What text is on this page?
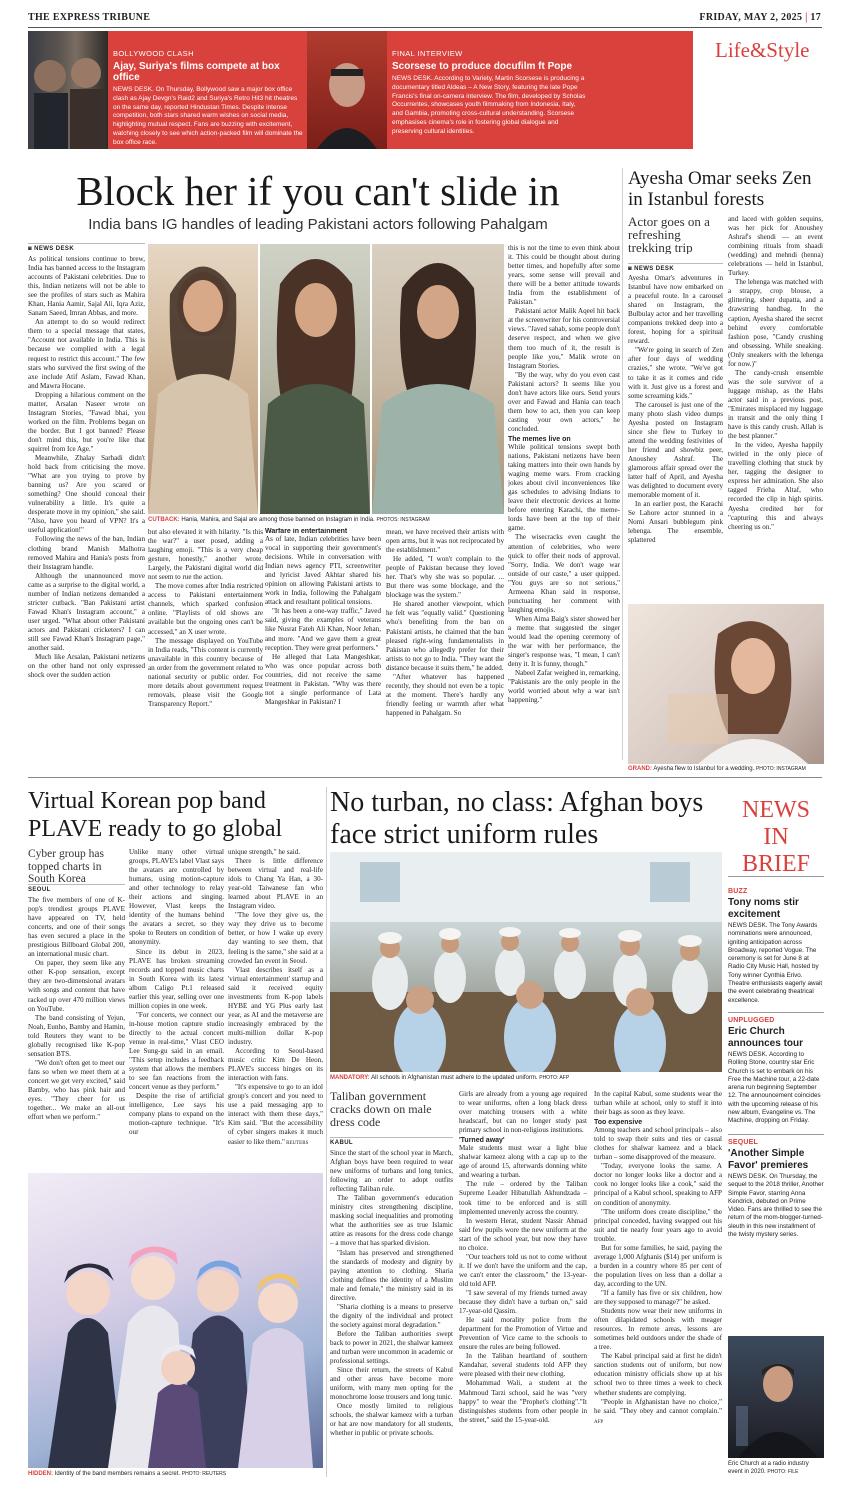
THE EXPRESS TRIBUNE	FRIDAY, MAY 2, 2025 | 17
BOLLYWOOD CLASH
Ajay, Suriya's films compete at box office
NEWS DESK. On Thursday, Bollywood saw a major box office clash as Ajay Devgn's Raid2 and Suriya's Retro Hit3 hit theatres on the same day, reported Hindustan Times. Despite intense competition, both stars shared warm wishes on social media, highlighting mutual respect. Fans are buzzing with excitement, watching closely to see which action-packed film will dominate the box office race.
FINAL INTERVIEW
Scorsese to produce docufilm ft Pope
NEWS DESK. According to Variety, Martin Scorsese is producing a documentary titled Aldeas – A New Story, featuring the late Pope Francis's final on-camera interview. The film, developed by Scholas Occurrentes, showcases youth filmmaking from Indonesia, Italy, and Gambia, promoting cross-cultural understanding. Scorsese emphasises cinema's role in fostering global dialogue and preserving cultural identities.
Life&Style
Block her if you can't slide in
India bans IG handles of leading Pakistani actors following Pahalgam
◙ NEWS DESK

As political tensions continue to brew, India has banned access to the Instagram accounts of Pakistani celebrities. Due to this, Indian netizens will not be able to see the profiles of stars such as Mahira Khan, Hania Aamir, Sajal Ali, Iqra Aziz, Sanam Saeed, Imran Abbas, and more.

An attempt to do so would redirect them to a special message that states, "Account not available in India. This is because we complied with a legal request to restrict this account." The few stars who survived the first swing of the axe include Atif Aslam, Fawad Khan, and Mawra Hocane.

Dropping a hilarious comment on the matter, Arsalan Naseer wrote on Instagram Stories, "Fawad bhai, you worked on the film. Problems began on the border. But I got banned? Please don't mind this, but you're like that squirrel from Ice Age."

Meanwhile, Zhalay Sarhadi didn't hold back from criticising the move. "What are you trying to prove by banning us? Are you scared or something? One should conceal their vulnerability a little. It's quite a desperate move in my opinion," she said. "Also, have you heard of VPN? It's a useful application!"

Following the news of the ban, Indian clothing brand Manish Malhotra removed Mahira and Hania's posts from their Instagram handle.

Although the unannounced move came as a surprise to the digital world, a number of Indian netizens demanded a stricter cutback. "Ban Pakistani artist Fawad Khan's Instagram account," a user urged. "What about other Pakistani actors and Pakistani cricketers? I can still see Fawad Khan's Instagram page," another said.

Much like Arsalan, Pakistani netizens on the other hand not only expressed shock over the sudden action

CUTBACK: Hania, Mahira, and Sajal are among those banned on Instagram in India. PHOTOS: INSTAGRAM

but also elevated it with hilarity. "Is this the war?" a user posed, adding a laughing emoji. "This is a very cheap gesture, honestly," another wrote. Largely, the Pakistani digital world did not seem to rue the action.

The move comes after India restricted access to Pakistani entertainment channels, which sparked confusion online. "Playlists of old shows are available but the ongoing ones can't be accessed," an X user wrote.

The message displayed on YouTube in India reads, "This content is currently unavailable in this country because of an order from the government related to national security or public order. For more details about government request removals, please visit the Google Transparency Report."

Warfare in entertainment

As of late, Indian celebrities have been vocal in supporting their government's decisions. While in conversation with Indian news agency PTI, screenwriter and lyricist Javed Akhtar shared his opinion on allowing Pakistani artists to work in India, following the Pahalgam attack and resultant political tensions.

"It has been a one-way traffic," Javed said, giving the examples of veterans like Nusrat Fateh Ali Khan, Noor Jehan, and more. "And we gave them a great reception. They were great performers."

He alleged that Lata Mangeshkar, who was once popular across both countries, did not receive the same treatment in Pakistan. "Why was there not a single performance of Lata Mangeshkar in Pakistan? I

mean, we have received their artists with open arms, but it was not reciprocated by the establishment."

He added, "I won't complain to the people of Pakistan because they loved her. That's why she was so popular. ... But there was some blockage, and the blockage was the system."

He shared another viewpoint, which he felt was "equally valid." Questioning who's benefiting from the ban on Pakistani artists, he claimed that the ban pleased right-wing fundamentalists in Pakistan who allegedly prefer for their artists to not go to India. "They want the distance because it suits them," he added.

"After whatever has happened recently, they should not even be a topic at the moment. There's hardly any friendly feeling or warmth after what happened in Pahalgam. So

this is not the time to even think about it. This could be thought about during better times, and hopefully after some years, some sense will prevail and there will be a better attitude towards India from the establishment of Pakistan."

Pakistani actor Malik Aqeel hit back at the screenwriter for his controversial views. "Javed sahab, some people don't deserve respect, and when we give them too much of it, the result is people like you," Malik wrote on Instagram Stories.

"By the way, why do you even cast Pakistani actors? It seems like you don't have actors like ours. Send yours over and Fawad and Hania can teach them how to act, then you can keep casting your own actors," he concluded.

The memes live on

While political tensions swept both nations, Pakistani netizens have been taking matters into their own hands by waging meme wars. From cracking jokes about civil inconveniences like gas schedules to advising Indians to leave their electronic devices at home before entering Karachi, the meme-lords have been at the top of their game.

The wisecracks even caught the attention of celebrities, who were quick to offer their nods of approval. "Sorry, India. We don't wage war outside of our caste," a user quipped. "You guys are so not serious," Armeena Khan said in response, punctuating her comment with laughing emojis.

When Aima Baig's sister showed her a meme that suggested the singer would lead the opening ceremony of the war with her performance, the singer's response was, "I mean, I can't deny it. It is funny, though."

Nabeel Zafar weighed in, remarking, "Pakistanis are the only people in the world worried about why a war isn't happening."

Ayesha Omar seeks Zen in Istanbul forests
Actor goes on a refreshing trekking trip
◙ NEWS DESK

Ayesha Omar's adventures in Istanbul have now embarked on a peaceful route. In a carousel shared on Instagram, the Bulbulay actor and her travelling companions trekked deep into a forest, hoping for a spiritual reward.

"We're going in search of Zen after four days of wedding crazies," she wrote. "We've got to take it as it comes and ride with it. Just give us a forest and some screaming kids."

The carousel is just one of the many photo slash video dumps Ayesha posted on Instagram since she flew to Turkey to attend the wedding festivities of her friend and showbiz peer, Anoushey Ashraf. The glamorous affair spread over the latter half of April, and Ayesha was delighted to document every memorable moment of it.

In an earlier post, the Karachi Se Lahore actor stunned in a Nomi Ansari bubblegum pink lehenga. The ensemble, splattered

and laced with golden sequins, was her pick for Anoushey Ashraf's shendi — an event combining rituals from shaadi (wedding) and mehndi (henna) celebrations — held in Istanbul, Turkey.

The lehenga was matched with a strappy, crop blouse, a glittering, sheer dupatta, and a drawstring handbag. In the caption, Ayesha shared the secret behind every comfortable fashion pose, "Candy crushing and obsessing. While sneaking. (Only sneakers with the lehenga for now.)"

The candy-crush ensemble was the sole survivor of a luggage mishap, as the Habs actor said in a previous post, "Emirates misplaced my luggage in transit and the only thing I have is this candy crush. Allah is the best planner."

In the video, Ayesha happily twirled in the only piece of travelling clothing that stuck by her, tagging the designer to express her admiration. She also tagged Frieha Altaf, who recorded the clip in high spirits. Ayesha credited her for "capturing this and always cheering us on."

GRAND: Ayesha flew to Istanbul for a wedding. PHOTO: INSTAGRAM
Virtual Korean pop band PLAVE ready to go global
Cyber group has topped charts in South Korea
SEOUL

The five members of one of K-pop's trendiest groups PLAVE have appeared on TV, held concerts, and one of their songs has even secured a place in the prestigious Billboard Global 200, an international music chart.

On paper, they seem like any other K-pop sensation, except they are two-dimensional avatars with songs and content that have racked up over 470 million views on YouTube.

The band consisting of Yejun, Noah, Eunho, Bamby and Hamin, told Reuters they want to be globally recognised like K-pop sensation BTS.

"We don't often get to meet our fans so when we meet them at a concert we get very excited," said Bamby, who has pink hair and eyes. "They cheer for us together... We make an all-out effort when we perform."

Unlike many other virtual groups, PLAVE's label Vlast says the avatars are controlled by humans, using motion-capture and other technology to relay their actions and singing. However, Vlast keeps the identity of the humans behind the avatars a secret, so they spoke to Reuters on condition of anonymity.

Since its debut in 2023, PLAVE has broken streaming records and topped music charts in South Korea with its latest album Caligo Pt.1 released earlier this year, selling over one million copies in one week.

"For concerts, we connect our in-house motion capture studio directly to the actual concert venue in real-time," Vlast CEO Lee Sung-gu said in an email. "This setup includes a feedback system that allows the members to see fan reactions from the concert venue as they perform."

Despite the rise of artificial intelligence, Lee says his company plans to expand on the motion-capture technique. "It's our

unique strength," he said.

There is little difference between virtual and real-life idols to Chang Ya Han, a 30-year-old Taiwanese fan who learned about PLAVE in an Instagram video.

"The love they give us, the way they drive us to become better, or how I wake up every day wanting to see them, that feeling is the same," she said at a crowded fan event in Seoul.

Vlast describes itself as a 'virtual entertainment' startup and said it received equity investments from K-pop labels HYBE and YG Plus early last year, as AI and the metaverse are increasingly embraced by the multi-million dollar K-pop industry.

According to Seoul-based music critic Kim De Heon, PLAVE's success hinges on its interaction with fans.

"It's expensive to go to an idol group's concert and you need to use a paid messaging app to interact with them these days," Kim said. "But the accessibility of cyber singers makes it much easier to like them." REUTERS

HIDDEN: Identity of the band members remains a secret. PHOTO: REUTERS
No turban, no class: Afghan boys face strict uniform rules
MANDATORY: All schools in Afghanistan must adhere to the updated uniform. PHOTO: AFP
Taliban government cracks down on male dress code
KABUL

Since the start of the school year in March, Afghan boys have been required to wear new uniforms of turbans and long tunics, following an order to adopt outfits reflecting Taliban rule.

The Taliban government's education ministry cites strengthening discipline, masking social inequalities and promoting what the authorities see as true Islamic attire as reasons for the dress code change – a move that has sparked division.

"Islam has preserved and strengthened the standards of modesty and dignity by paying attention to clothing. Sharia clothing defines the identity of a Muslim male and female," the ministry said in its directive.

"Sharia clothing is a means to preserve the dignity of the individual and protect the society against moral degradation."

Before the Taliban authorities swept back to power in 2021, the shalwar kameez and turban were uncommon in academic or professional settings.

Since their return, the streets of Kabul and other areas have become more uniform, with many men opting for the monochrome loose trousers and long tunic.

Once mostly limited to religious schools, the shalwar kameez with a turban or hat are now mandatory for all students, whether in public or private schools.

Girls are already from a young age required to wear uniforms, often a long black dress over matching trousers with a white headscarf, but can no longer study past primary school in non-religious institutions.

'Turned away'

Male students must wear a light blue shalwar kameez along with a cap up to the age of around 15, afterwards donning white and wearing a turban.

The rule – ordered by the Taliban Supreme Leader Hibatullah Akhundzada – took time to be enforced and is still implemented unevenly across the country.

In western Herat, student Nassir Ahmad said few pupils wore the new uniform at the start of the school year, but now they have no choice.

"Our teachers told us not to come without it. If we don't have the uniform and the cap, we can't enter the classroom," the 13-year-old told AFP.

"I saw several of my friends turned away because they didn't have a turban on," said 17-year-old Qassim.

He said morality police from the department for the Promotion of Virtue and Prevention of Vice came to the schools to ensure the rules are being followed.

In the Taliban heartland of southern Kandahar, several students told AFP they were pleased with their new clothing.

Mohammad Wali, a student at the Mahmoud Tarzi school, said he was "very happy" to wear the "Prophet's clothing"."It distinguishes students from other people in the street," said the 15-year-old.

In the capital Kabul, some students wear the turban while at school, only to stuff it into their bags as soon as they leave.

Too expensive

Among teachers and school principals – also told to swap their suits and ties or casual clothes for shalwar kameez and a black turban – some disapproved of the measure.

"Today, everyone looks the same. A doctor no longer looks like a doctor and a cook no longer looks like a cook," said the principal of a Kabul school, speaking to AFP on condition of anonymity.

"The uniform does create discipline," the principal conceded, having swapped out his suit and tie nearly four years ago to avoid trouble.

But for some families, he said, paying the average 1,000 Afghanis ($14) per uniform is a burden in a country where 85 per cent of the population lives on less than a dollar a day, according to the UN.

"If a family has five or six children, how are they supposed to manage?" he asked.

Students now wear their new uniforms in often dilapidated schools with meager resources. In remote areas, lessons are sometimes held outdoors under the shade of a tree.

The Kabul principal said at first he didn't sanction students out of uniform, but now education ministry officials show up at his school two to three times a week to check whether students are complying.

"People in Afghanistan have no choice," he said. "They obey and cannot complain." AFP

NEWS
IN
BRIEF
BUZZ
Tony noms stir excitement
NEWS DESK. The Tony Awards nominations were announced, igniting anticipation across Broadway, reported Vogue. The ceremony is set for June 8 at Radio City Music Hall, hosted by Tony winner Cynthia Erivo. Theatre enthusiasts eagerly await the event celebrating theatrical excellence.
UNPLUGGED
Eric Church announces tour
NEWS DESK. According to Rolling Stone, country star Eric Church is set to embark on his Free the Machine tour, a 22-date arena run beginning September 12. The announcement coincides with the upcoming release of his new album, Evangeline vs. The Machine, dropping on Friday.
SEQUEL
'Another Simple Favor' premieres
NEWS DESK. On Thursday, the sequel to the 2018 thriller, Another Simple Favor, starring Anna Kendrick, debuted on Prime Video. Fans are thrilled to see the return of the mom-blogger-turned-sleuth in this new installment of the twisty mystery series.
Eric Church at a radio industry event in 2020. PHOTO: FILE
